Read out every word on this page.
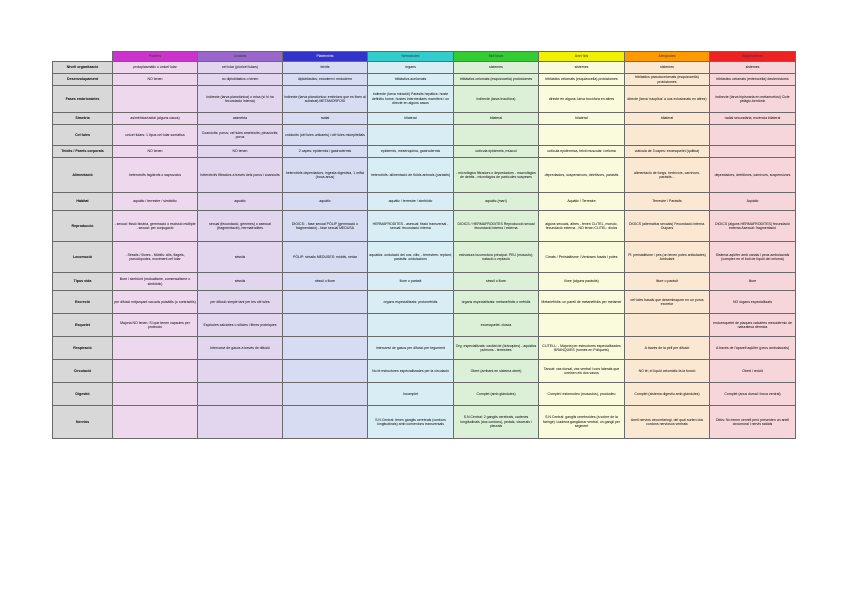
	Porífers	Cnidaris	Platelmints	Nematodes	Mol·luscs	Anèl·lids	Artròpodes	Equinoderms
Nivell organització	protoplasmàtic o unicel·lular	cel·lular (plurlcel·lulars)	teixits	òrgans	sistemes	sistemes	sistemes	sistemes
Desenvolupament	NO tenen	no diploblàstics o tenen	diploblàstics; ectoderm i endoderm	triblàstics acelomats	triblàstics celomats (esquizocelia) protòstomes	triblàstics celomats (esquizocelia) protòstomes	triblàstics pseudocelomats (esquizocelia) protòstomes	triblàstics celomats (enterocelia) deuteròstoms
Fases embrionàries		indirecte (larva planctònica) o mixa (si hi ha fecundació interna)	indirecte (larva planctònica: embrions que es fixen al substrat) METAMORFOSI	indirecte (larva miracidi) Paràsits hepàtics: hoste definitiu home, hostes intermediaris mamífers i un directe en alguns casos	indirecte (larva trocòfora)	directe en alguns; larva trocòfora en altres	directe (larva 'nauplius' a ous eclosionats en altres)	indirecte (larva bipinnaria en metamorfosi) Cicle pelàgic-bentònic
Simetria	asimètrica/radial (alguns casos)	asimètria	radial	bilateral	bilateral	bilateral	bilateral	radial secundària; escència bilateral
Cel·lules	unicel·lulars: 1 tipus cel·lular somàtica	Coanòcits: porus; cel·lules amebòcits; pinacòcits; porus	cnidocits (cèl·lules urticants) i cèl·lules mioepitelials					
Teixits / Parets corporals	NO tenen	NO tenen	2 capes: epidermis i gastrodermis	epidermis, mesènquima, gastrodermis	cutícula epidermis, múscul	cutícula epidèrmica, teixit muscular i celoma	cutícula de 3 capes: exoesquelet (quitina)	
Alimentació	heterotròfs fagòtrofs o saprozoics	heterotròfs filtradors a través dels porus i coanòcits	heterotròfs depredadors, ingesta digestiva, 1 orifici (boca-anus)	heterotròfs: alimentació de fluïds animals (paràsits)	- microfàgics filtradors o depredadors - macrofàgics de detrits - microfàgics de partícules suspeses	depredadors, suspensívors, detritívors, paràsits	alimentació de fongs, herbívors, carnívors, paràsits...	depredadors, detritívors, carnívors, suspensívors
Hàbitat	aquàtic / terrestre / simbiòtic	aquàtic	aquàtic	aquàtic / terrestre / simbiòtic	aquàtic (marí)	Aquàtic / Terrestre	Terrestre / Paràsits	Aquàtic
Reproducció	- sexual: fissió binària, gemmació o escissió múltiple - sexual: per conjugació	sexual (fecundació, gemmes) o asexual (fragmentació), hermafrodites	DIOICS: - fase sexual PÒLIP (gemmació o fragmentació) - fase sexual MEDUSA	HERMAFRODITES - asexual: fissió transversal - sexual: fecundació interna	DIOICS / HERMAFRODITES Reproducció sexual fecundació interna i externa	alguns sexuals, altres - tenen CLITEL, monoic, fecundació externa - NO tenen CLITEL: dioics	DIOICS (alternatius sexuals) Fecundació interna. Ouípars	DIOICS (alguns HERMAFRODITES) fecundació externa Asexual: fragmentació
Locomoció	- Sèssils / lliures - Mòbils: cilis, flagels, pseudòpodes, moviment cel·lular	sèssils	PÒLIP: sèssils MEDUSES: mòbils, nedar	aquàtics: ondulació del cos; cilis; - terrestres: reptant; paràsits: ondulacions	estructura locomotora principal: PEU (músculs); natació o reptació	Cirrats / Peristaltisme i Ventoses fusats i potes	Pl. peristaltisme / pes (on tenen potes articulades) Ambulant	Sistema aqüífer amb canals i peus ambulacrals (complex en el buit de líquid del celoma)
Tipus vida	lliure i simbiont (mutualisme, comensalisme o simbiòtic)	sèssils	sèssil o lliure	lliure o paràsit	sèssil o lliure	lliure (alguns paràsits)	lliure o paràsit	lliure
Excreció	per difusió mitjançant vacuols pulsàtils (o contràctils)	per difusió simple tant per les cèl·lules		òrgans especialitzats: protonefridis	òrgans especialitzats: metanefridis o nefridis	Metanefridis: un parell de metanefridis per metàmer	cèl·lules basals que desemboquen en un porus excretor	NO òrgans especialitzats
Esquelet	Majoria NO tenen. Si que tenen capsules per protecció	Espícules calcàries o silícies i fibres proteiques			exoesquelet: closca			endoesquelet de plaques calcàries mesodèrmic de naturalesa dèrmica
Respiració		Intercanvi de gasos a través de difusió		intercanvi de gasos per difusió per tegument	Org. especialitzats: cavitat de (brànquies) - aquàtics pulmons - terrestres	CLITELL: - Majoria per estructures especialitzades BRANQUIES (només en Poliquets)	A través de la pell per difusió	A través de l'aparell aqüífer (peus ambulacrals)
Circulació				No té estructures especialitzades per la circulació	Obert (arribant en sistema obert)	Tancat: vas dorsal, vas ventral i cors laterals que uneixen els dos vasos	NO té; el líquid celomàtic fa la funció	Obert i reduït
Digestió				Incomplet	Complet (amb glàndules)	Complet: estomodeu (musculós), proctodeu	Complet (sistema digestiu amb glàndules)	Complet (anus dorsal i boca ventral)
Nerviós				S.N.Central: tenen ganglis cerebrals (cordons longitudinals) amb connexions transversals	S.N.Central: 2 ganglis cerebrals, cadenes longitudinals (dos cordons), pedals, viscerals i pleurals	S.N.Central: ganglis cerebroides (a sobre de la faringe) i cadena ganglionar ventral, un gangli per segment	Anell nerviós circumfaringi, del qual surten dos cordons nerviosos ventrals	Difús: No tenen cervell però presenten un anell circumoral i nervis radials
